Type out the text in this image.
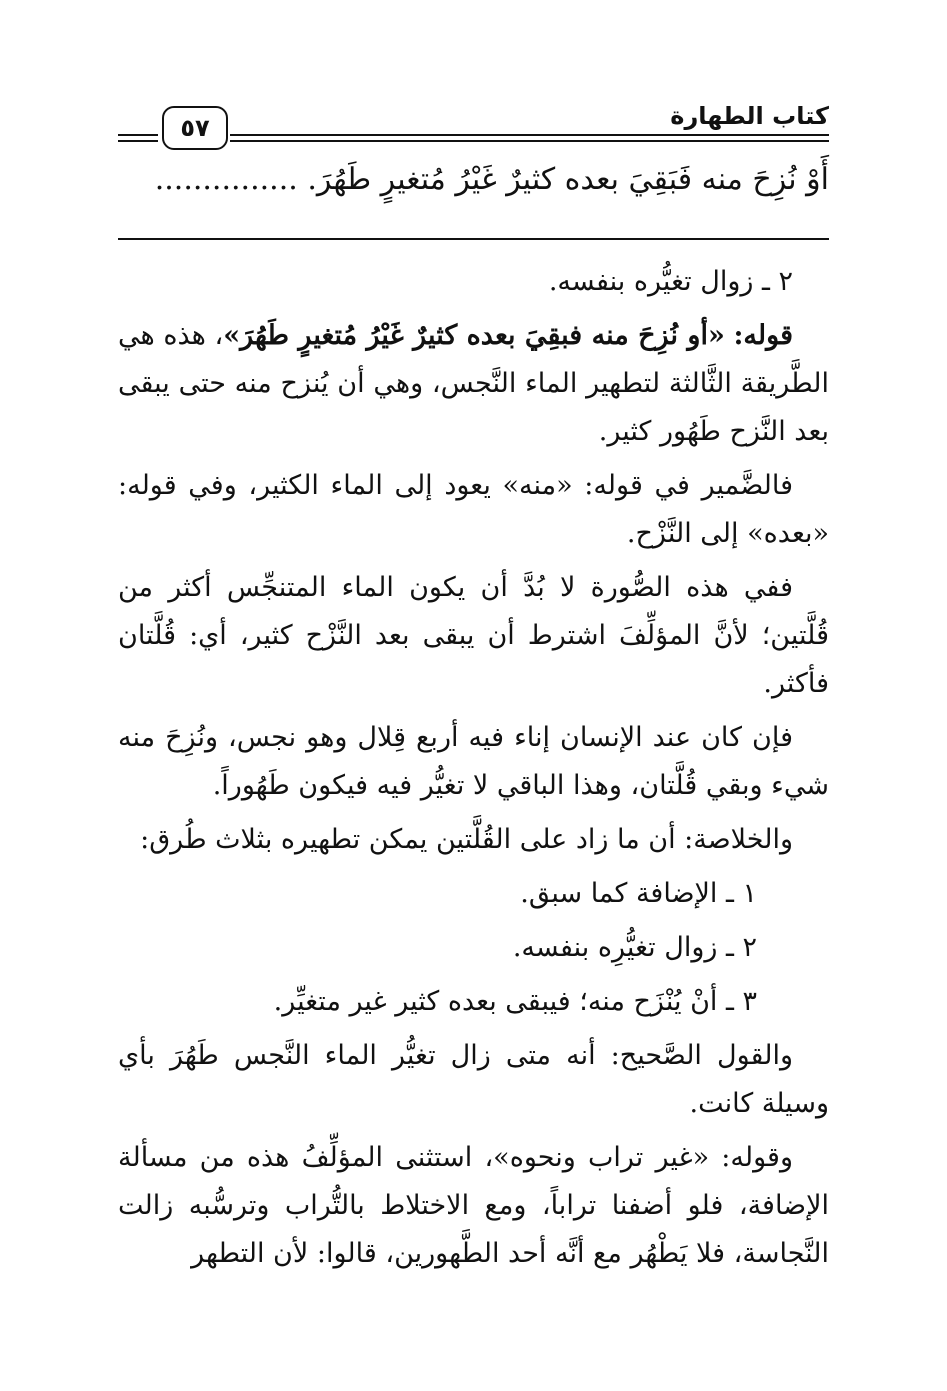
كتاب الطهارة
٥٧
أَوْ نُزِحَ منه فَبَقِيَ بعده كثيرٌ غَيْرُ مُتغيرٍ طَهُرَ. ...............

٢ ـ زوال تغيُّره بنفسه.

قوله: «أو نُزِحَ منه فبقِيَ بعده كثيرٌ غَيْرُ مُتغيرٍ طَهُرَ»، هذه هي الطَّريقة الثَّالثة لتطهير الماء النَّجس، وهي أن يُنزح منه حتى يبقى بعد النَّزح طَهُور كثير.

فالضَّمير في قوله: «منه» يعود إلى الماء الكثير، وفي قوله: «بعده» إلى النَّزْح.

ففي هذه الصُّورة لا بُدَّ أن يكون الماء المتنجِّس أكثر من قُلَّتين؛ لأنَّ المؤلِّفَ اشترط أن يبقى بعد النَّزْح كثير، أي: قُلَّتان فأكثر.

فإن كان عند الإنسان إناء فيه أربع قِلال وهو نجس، ونُزِحَ منه شيء وبقي قُلَّتان، وهذا الباقي لا تغيُّر فيه فيكون طَهُوراً.

والخلاصة: أن ما زاد على القُلَّتين يمكن تطهيره بثلاث طُرق:

١ ـ الإضافة كما سبق.

٢ ـ زوال تغيُّرِه بنفسه.

٣ ـ أنْ يُنْزَح منه؛ فيبقى بعده كثير غير متغيِّر.

والقول الصَّحيح: أنه متى زال تغيُّر الماء النَّجس طَهُرَ بأي وسيلة كانت.

وقوله: «غير تراب ونحوه»، استثنى المؤلِّفُ هذه من مسألة الإضافة، فلو أضفنا تراباً، ومع الاختلاط بالتُّراب وترسُّبه زالت النَّجاسة، فلا يَطْهُر مع أنَّه أحد الطَّهورين، قالوا: لأن التطهر
